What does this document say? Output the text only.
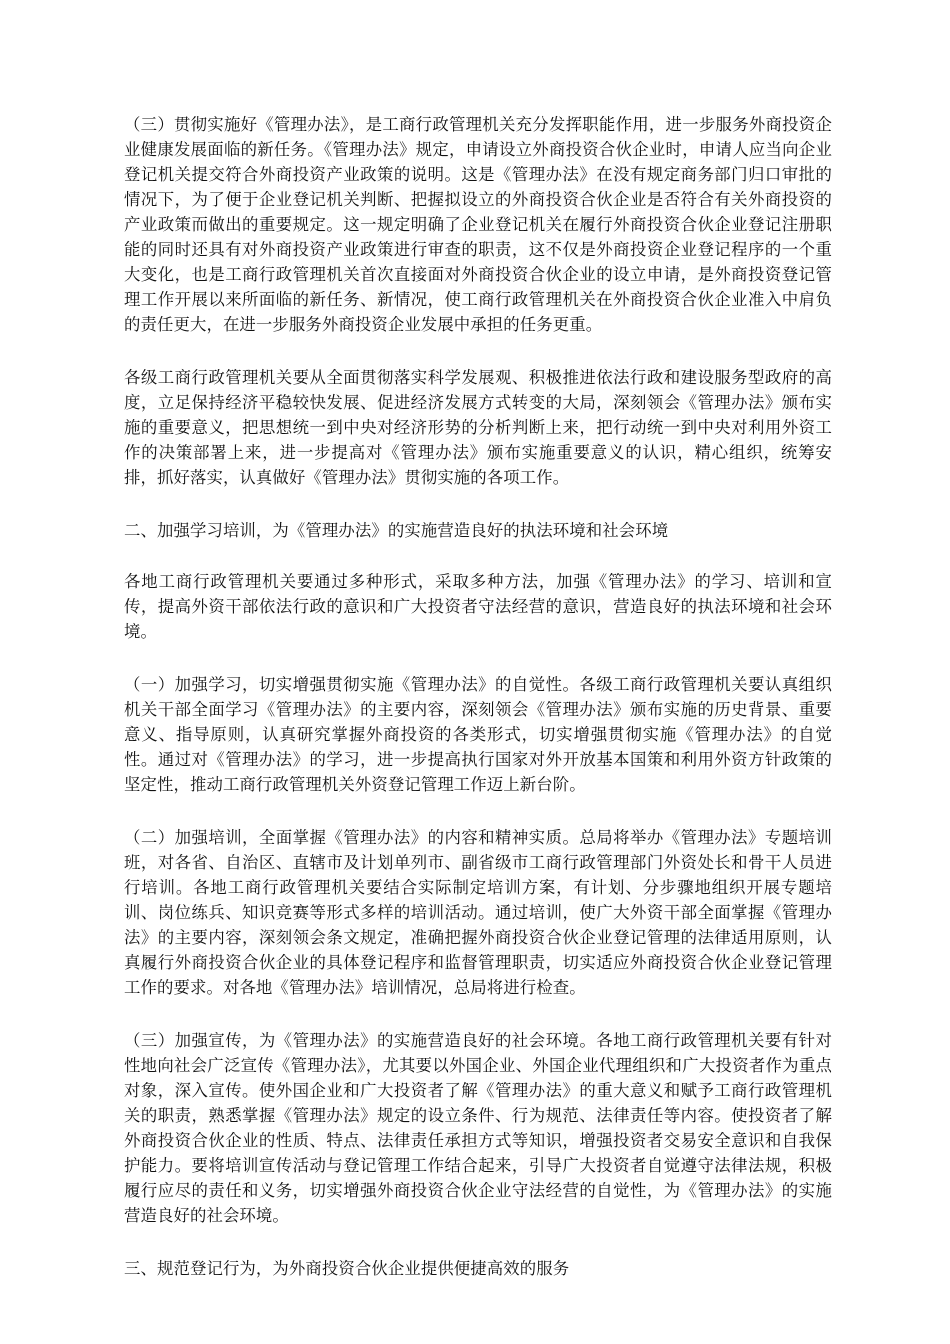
（三）贯彻实施好《管理办法》，是工商行政管理机关充分发挥职能作用，进一步服务外商投资企业健康发展面临的新任务。《管理办法》规定，申请设立外商投资合伙企业时，申请人应当向企业登记机关提交符合外商投资产业政策的说明。这是《管理办法》在没有规定商务部门归口审批的情况下，为了便于企业登记机关判断、把握拟设立的外商投资合伙企业是否符合有关外商投资的产业政策而做出的重要规定。这一规定明确了企业登记机关在履行外商投资合伙企业登记注册职能的同时还具有对外商投资产业政策进行审查的职责，这不仅是外商投资企业登记程序的一个重大变化，也是工商行政管理机关首次直接面对外商投资合伙企业的设立申请，是外商投资登记管理工作开展以来所面临的新任务、新情况，使工商行政管理机关在外商投资合伙企业准入中肩负的责任更大，在进一步服务外商投资企业发展中承担的任务更重。

各级工商行政管理机关要从全面贯彻落实科学发展观、积极推进依法行政和建设服务型政府的高度，立足保持经济平稳较快发展、促进经济发展方式转变的大局，深刻领会《管理办法》颁布实施的重要意义，把思想统一到中央对经济形势的分析判断上来，把行动统一到中央对利用外资工作的决策部署上来，进一步提高对《管理办法》颁布实施重要意义的认识，精心组织，统筹安排，抓好落实，认真做好《管理办法》贯彻实施的各项工作。

二、加强学习培训，为《管理办法》的实施营造良好的执法环境和社会环境

各地工商行政管理机关要通过多种形式，采取多种方法，加强《管理办法》的学习、培训和宣传，提高外资干部依法行政的意识和广大投资者守法经营的意识，营造良好的执法环境和社会环境。

（一）加强学习，切实增强贯彻实施《管理办法》的自觉性。各级工商行政管理机关要认真组织机关干部全面学习《管理办法》的主要内容，深刻领会《管理办法》颁布实施的历史背景、重要意义、指导原则，认真研究掌握外商投资的各类形式，切实增强贯彻实施《管理办法》的自觉性。通过对《管理办法》的学习，进一步提高执行国家对外开放基本国策和利用外资方针政策的坚定性，推动工商行政管理机关外资登记管理工作迈上新台阶。

（二）加强培训，全面掌握《管理办法》的内容和精神实质。总局将举办《管理办法》专题培训班，对各省、自治区、直辖市及计划单列市、副省级市工商行政管理部门外资处长和骨干人员进行培训。各地工商行政管理机关要结合实际制定培训方案，有计划、分步骤地组织开展专题培训、岗位练兵、知识竞赛等形式多样的培训活动。通过培训，使广大外资干部全面掌握《管理办法》的主要内容，深刻领会条文规定，准确把握外商投资合伙企业登记管理的法律适用原则，认真履行外商投资合伙企业的具体登记程序和监督管理职责，切实适应外商投资合伙企业登记管理工作的要求。对各地《管理办法》培训情况，总局将进行检查。

（三）加强宣传，为《管理办法》的实施营造良好的社会环境。各地工商行政管理机关要有针对性地向社会广泛宣传《管理办法》，尤其要以外国企业、外国企业代理组织和广大投资者作为重点对象，深入宣传。使外国企业和广大投资者了解《管理办法》的重大意义和赋予工商行政管理机关的职责，熟悉掌握《管理办法》规定的设立条件、行为规范、法律责任等内容。使投资者了解外商投资合伙企业的性质、特点、法律责任承担方式等知识，增强投资者交易安全意识和自我保护能力。要将培训宣传活动与登记管理工作结合起来，引导广大投资者自觉遵守法律法规，积极履行应尽的责任和义务，切实增强外商投资合伙企业守法经营的自觉性，为《管理办法》的实施营造良好的社会环境。

三、规范登记行为，为外商投资合伙企业提供便捷高效的服务
